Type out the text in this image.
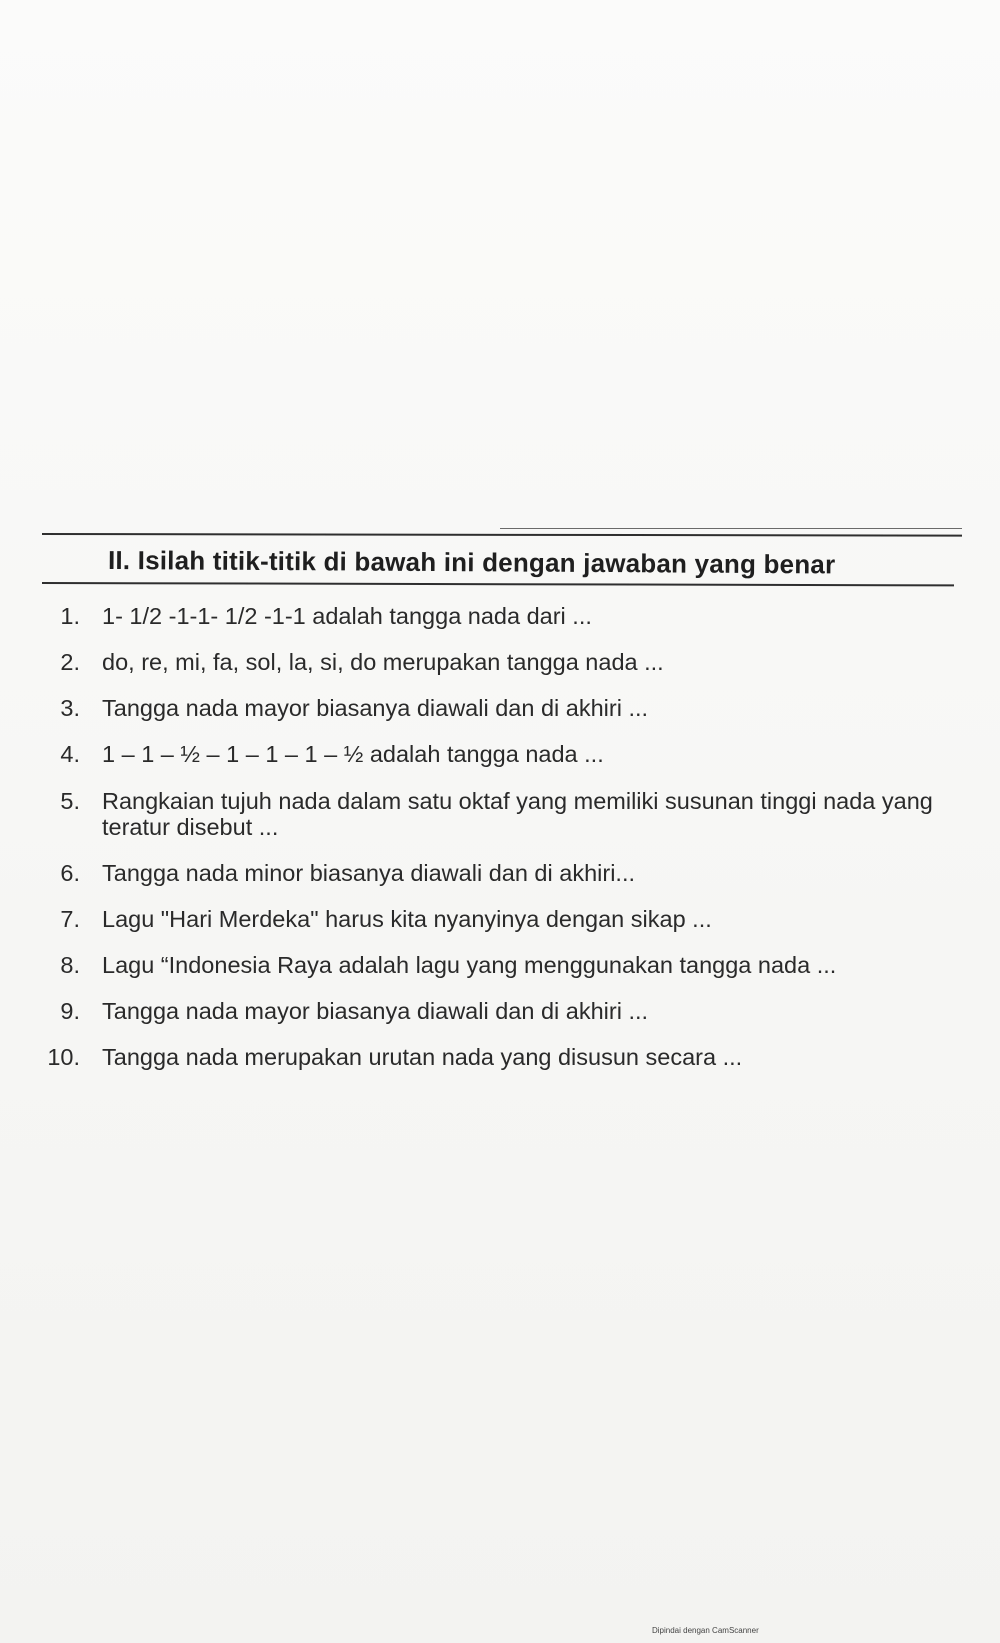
II. Isilah titik-titik di bawah ini dengan jawaban yang benar
1. 1- 1/2 -1-1- 1/2 -1-1 adalah tangga nada dari ...
2. do, re, mi, fa, sol, la, si, do merupakan tangga nada ...
3. Tangga nada mayor biasanya diawali dan di akhiri ...
4. 1 – 1 – ½ – 1 – 1 – 1 – ½ adalah tangga nada ...
5. Rangkaian tujuh nada dalam satu oktaf yang memiliki susunan tinggi nada yang teratur disebut ...
6. Tangga nada minor biasanya diawali dan di akhiri...
7. Lagu "Hari Merdeka" harus kita nyanyinya dengan sikap ...
8. Lagu “Indonesia Raya adalah lagu yang menggunakan tangga nada ...
9. Tangga nada mayor biasanya diawali dan di akhiri ...
10. Tangga nada merupakan urutan nada yang disusun secara ...
Dipindai dengan CamScanner
